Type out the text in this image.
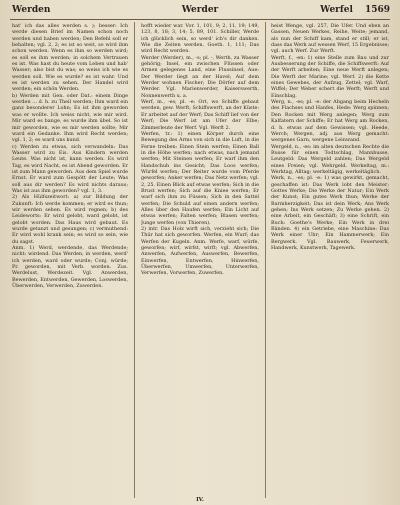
Werden	Werder	Werfel 1569

hat' ich das alles werden s. ); besser: Ich werde diesen Brief im Namen schon noch werden und haben werden; Den Befehl soll er behalten; vgl. 2, 2; es ist so weit, so wird ihm schon werden. Wenn es ihm so werden wird; es soll es ihm werden; in solchem Vertrauen es ist. Was hast du heute vom Leben und hab' Wasser; also bist du was; so weiss ich wie es werden soll. Wie es wurde? es ist wahr. Und es ist werden zu sehen. Der Handel wird werden; ein schön Werden.

b) Werden mit Gen. oder Dat.: einem Dinge werden ... d. h. zu Theil werden; Ihm ward ein ganz besonderer Lohn; Es ist ihm geworden was er wollte. Ich weiss nicht, wie mir wird. Mir ward es bange, es wurde ihm übel. So ist mir geworden, wie es mir werden sollte; Mir ward ein Gedanke. Ihm wird Recht werden; vgl. 1, 2; es ward uns kund.

c) Werden zu etwas, sich verwandeln: Das Wasser wird zu Eis. Aus Kindern werden Leute. Was nicht ist, kann werden. Es wird Tag, es wird Nacht, es ist Abend geworden. Er ist zum Mann geworden. Aus dem Spiel wurde Ernst. Er ward zum Gespött der Leute; Was soll aus dir werden? Es wird nichts daraus; Was ist aus ihm geworden? vgl. 1, 3.

2) Als Hülfszeitwort: a) zur Bildung der Zukunft: Ich werde kommen; er wird es thun; wir werden sehen. Es wird regnen; b) des Leideworts: Er wird gelobt, ward gelobt, ist gelobt worden. Das Haus wird gebaut. Es wurde getanzt und gesungen; c) vermuthend: Er wird wohl krank sein; es wird so sein, wie du sagst.

Anm. 1) Werd, werdende, das Werdende; nicht: wirdend. Das Werden, in werden, werd' ich werden, ward oder wurde; Conj. würde; Pr. geworden, mit Verb. worden. Zus. Werdelust, Werdezeit. Vgl. Anwerden, Bewerden, Entwerden, Gewerden, Loswerden, Überwerden, Verwerden, Zuwerden.

hofft wieder war. Vor. 1, 101, 9; 2, 11, 19; 149, 123, 8, 18; 3, 14; 5, 89, 101. Schiller, Werde ich glücklich sein, so werd' ich's dir danken. Wie die Zeiten werden, Goeth. 1, 111; Das wird Recht werden.

Werder (Werder), m., -s; pl. -, Werth, zu Wasser gehörig; Insel, ein zwischen Flüssen oder Armen gelegenes Land, eine Flussinsel, Aue: Der Werder liegt an der Havel; Auf dem Werder wohnen Fischer; Die Dörfer auf dem Werder. Vgl. Marienwerder, Kaiserswerth, Nonnenwerth u. a.

Werf, m., -es; pl. -e: Ort, wo Schiffe gebaut werden, gew. Werft; Schiffswerft, an der Küste: Er arbeitet auf der Werf; Das Schiff lief von der Werf; Die Werf ist am Ufer der Elbe; Zimmerleute der Werf. Vgl. Werft 2.

Werfen, tr.: 1) einen Körper durch eine Bewegung des Arms von sich in die Luft, in die Ferne treiben: Einen Stein werfen; Einen Ball in die Höhe werfen; nach etwas, nach jemand werfen; Mit Steinen werfen; Er warf ihm den Handschuh ins Gesicht; Das Loos werfen; Würfel werfen; Der Reiter wurde vom Pferde geworfen; Anker werfen; Das Netz werfen; vgl. 2, 25. Einen Blick auf etwas werfen; Sich in die Brust werfen; Sich auf die Kniee werfen; Er warf sich ihm zu Füssen; Sich in den Sattel werfen; Die Schuld auf einen andern werfen; Alles über den Haufen werfen; Ein Licht auf etwas werfen; Falten werfen; Blasen werfen; Junge werfen (von Thieren).

2) intr. Das Holz wirft sich, verzieht sich; Die Thür hat sich geworfen. Werfen, ein Wurf; das Werfen der Kugeln. Anm. Werfe, warf, würfe, geworfen; wirf, wirfst, wirft; vgl. Abwerfen, Anwerfen, Aufwerfen, Auswerfen, Bewerfen, Einwerfen, Entwerfen, Hinwerfen, Überwerfen, Umwerfen, Unterwerfen, Verwerfen, Vorwerfen, Zuwerfen.

heist Wenge, vgl. 257, Die Ufer. Und eben an Gassen, Neuen Werkes, Reihe, Weite; jemand, als nun der Schiff kam, stand er still; er ist, dass das Werk auf wessen Werf, 15 Ergebnisse; vgl. auch Werf. Zur Werft.

Werft, f., -en: 1) eine Stelle zum Bau und zur Ausbesserung der Schiffe, die Schiffswerft: Auf der Werft arbeiten; Eine neue Werft anlegen; Die Werft der Marine; vgl. Werf. 2) die Kette eines Gewebes, der Aufzug, Zettel; vgl. Warf, Wiffel; Der Weber schert die Werft; Werft und Einschlag.

Werg, n., -es; pl. -e: der Abgang beim Hecheln des Flachses und Hanfes, Hede: Werg spinnen; Den Rocken mit Werg anlegen; Werg zum Kalfatern der Schiffe; Er hat Werg am Rocken, d. h. etwas auf dem Gewissen; vgl. Heede, Werch; Wergen, adj. aus Werg gemacht: wergenes Garn, wergene Leinwand.

Wergeld, n., -es: im alten deutschen Rechte die Busse für einen Todtschlag, Mannbusse, Leutgeld: Das Wergeld zahlen; Das Wergeld eines Freien; vgl. Wehrgeld. Werkeltag, m.: Werktag, Alltag; werkeltägig, werkeltäglich.

Werk, n., -es; pl. -e: 1) was gewirkt, gemacht, geschaffen ist: Das Werk lobt den Meister; Gottes Werke; Die Werke der Natur; Ein Werk der Kunst; Ein gutes Werk thun; Werke der Barmherzigkeit; Das ist dein Werk; Ans Werk gehen; Ins Werk setzen; Zu Werke gehen. 2) eine Arbeit, ein Geschäft; 3) eine Schrift, ein Buch: Goethe's Werke; Ein Werk in drei Bänden. 4) ein Getriebe, eine Maschine: Das Werk einer Uhr; Ein Hammerwerk; Ein Bergwerk. Vgl. Bauwerk, Feuerwerk, Handwerk, Kunstwerk, Tagewerk.

IV.
